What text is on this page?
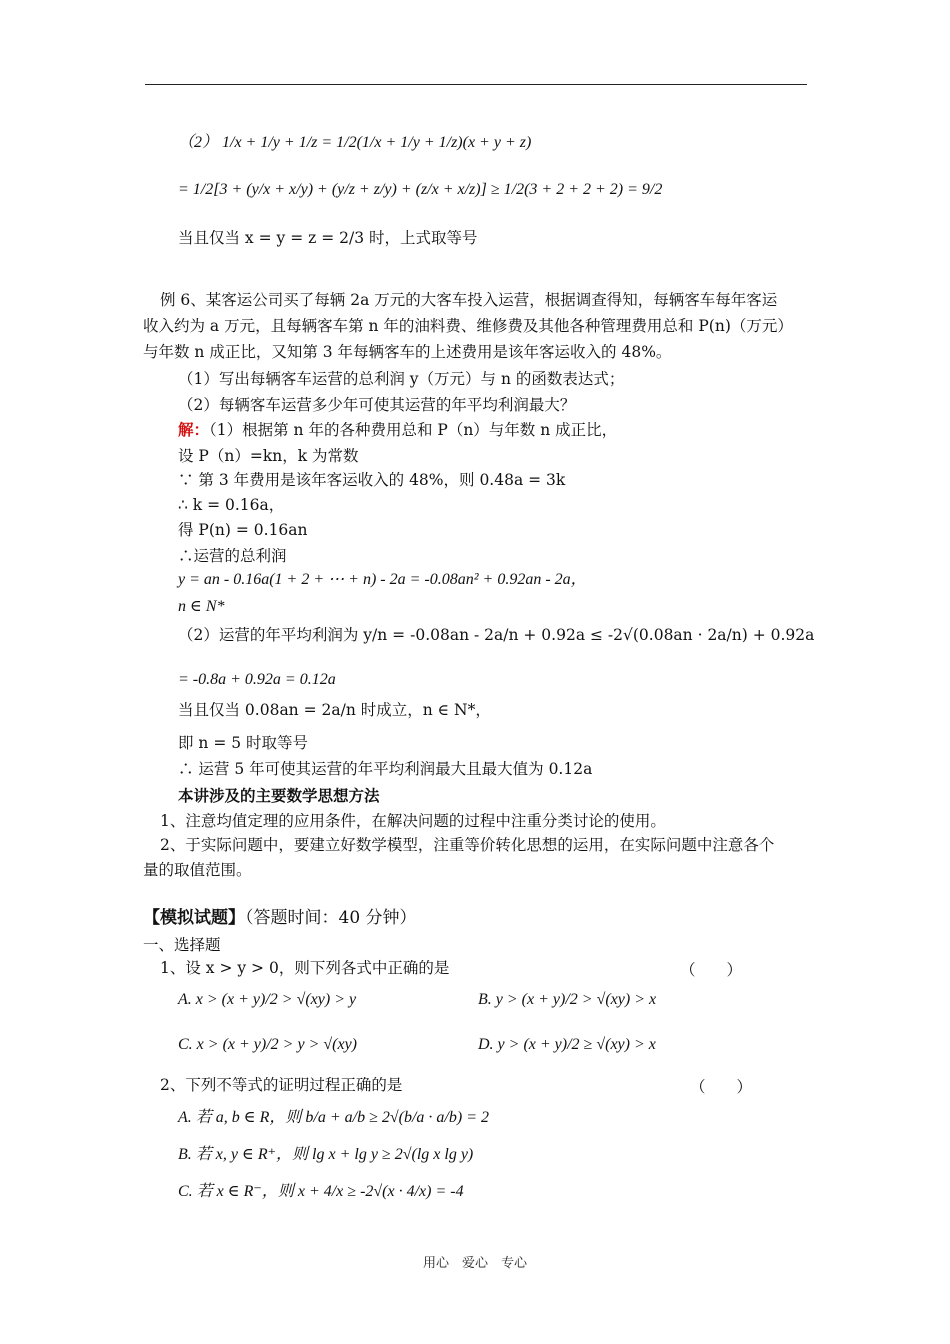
（2） 1/x + 1/y + 1/z = 1/2(1/x + 1/y + 1/z)(x + y + z)
= 1/2[3 + (y/x + x/y) + (y/z + z/y) + (z/x + x/z)] ≥ 1/2(3 + 2 + 2 + 2) = 9/2
当且仅当 x = y = z = 2/3 时，上式取等号
例 6、某客运公司买了每辆 2a 万元的大客车投入运营，根据调查得知，每辆客车每年客运
收入约为 a 万元，且每辆客车第 n 年的油料费、维修费及其他各种管理费用总和 P(n)（万元）
与年数 n 成正比，又知第 3 年每辆客车的上述费用是该年客运收入的 48%。
（1）写出每辆客车运营的总利润 y（万元）与 n 的函数表达式；
（2）每辆客车运营多少年可使其运营的年平均利润最大？
解：（1）根据第 n 年的各种费用总和 P（n）与年数 n 成正比，
设 P（n）=kn，k 为常数
∵ 第 3 年费用是该年客运收入的 48%，则 0.48a = 3k
∴ k = 0.16a，
得 P(n) = 0.16an
∴运营的总利润
y = an - 0.16a(1 + 2 + ⋯ + n) - 2a = -0.08an² + 0.92an - 2a，
n ∈ N*
（2）运营的年平均利润为 y/n = -0.08an - 2a/n + 0.92a ≤ -2√(0.08an · 2a/n) + 0.92a
= -0.8a + 0.92a = 0.12a
当且仅当 0.08an = 2a/n 时成立，n ∈ N*，
即 n = 5 时取等号
∴ 运营 5 年可使其运营的年平均利润最大且最大值为 0.12a
本讲涉及的主要数学思想方法
1、注意均值定理的应用条件，在解决问题的过程中注重分类讨论的使用。
2、于实际问题中，要建立好数学模型，注重等价转化思想的运用，在实际问题中注意各个
量的取值范围。
【模拟试题】（答题时间：40 分钟）
一、选择题
1、设 x > y > 0，则下列各式中正确的是	（　　）
A. x > (x + y)/2 > √(xy) > y	B. y > (x + y)/2 > √(xy) > x
C. x > (x + y)/2 > y > √(xy)	D. y > (x + y)/2 ≥ √(xy) > x
2、下列不等式的证明过程正确的是	（　　）
A. 若 a, b ∈ R，则 b/a + a/b ≥ 2√(b/a · a/b) = 2
B. 若 x, y ∈ R⁺，则 lg x + lg y ≥ 2√(lg x lg y)
C. 若 x ∈ R⁻，则 x + 4/x ≥ -2√(x · 4/x) = -4
用心　爱心　专心
